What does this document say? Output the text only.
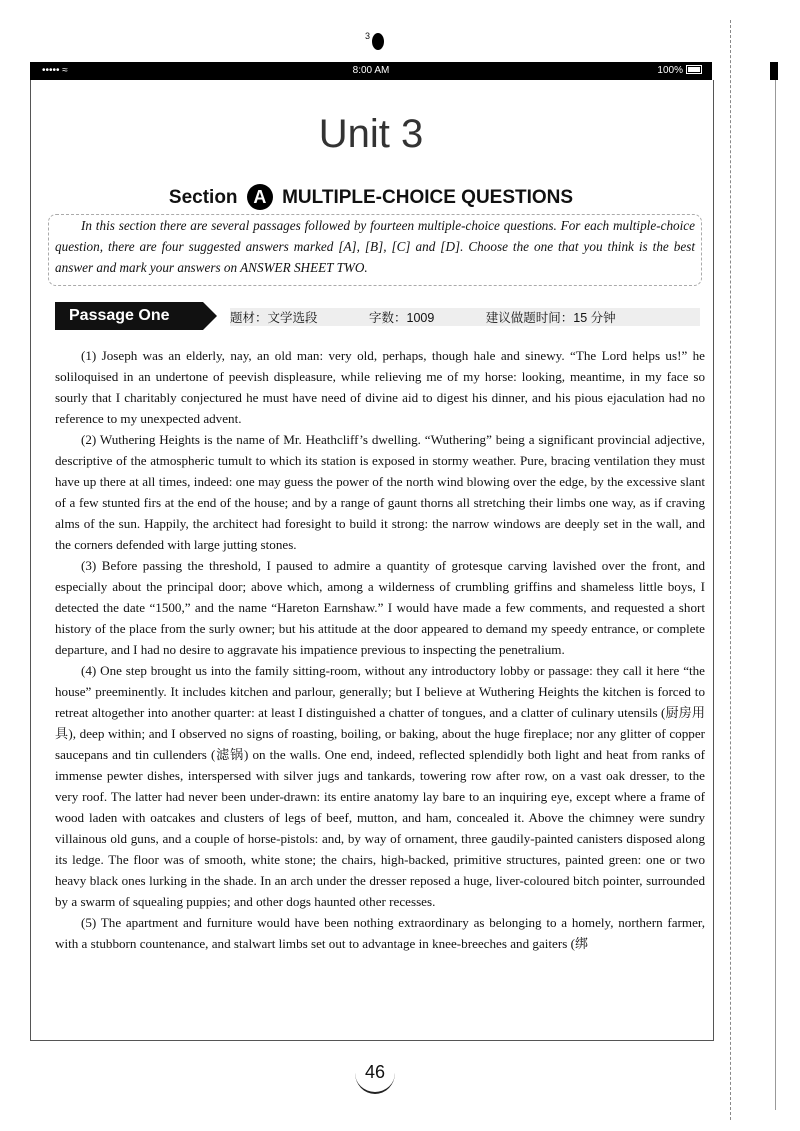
3
••••• ≈	8:00 AM	100%
Unit 3
Section A MULTIPLE-CHOICE QUESTIONS
In this section there are several passages followed by fourteen multiple-choice questions. For each multiple-choice question, there are four suggested answers marked [A], [B], [C] and [D]. Choose the one that you think is the best answer and mark your answers on ANSWER SHEET TWO.
Passage One	题材：文学选段	字数：1009	建议做题时间：15 分钟

(1) Joseph was an elderly, nay, an old man: very old, perhaps, though hale and sinewy. “The Lord helps us!” he soliloquised in an undertone of peevish displeasure, while relieving me of my horse: looking, meantime, in my face so sourly that I charitably conjectured he must have need of divine aid to digest his dinner, and his pious ejaculation had no reference to my unexpected advent.

(2) Wuthering Heights is the name of Mr. Heathcliff’s dwelling. “Wuthering” being a significant provincial adjective, descriptive of the atmospheric tumult to which its station is exposed in stormy weather. Pure, bracing ventilation they must have up there at all times, indeed: one may guess the power of the north wind blowing over the edge, by the excessive slant of a few stunted firs at the end of the house; and by a range of gaunt thorns all stretching their limbs one way, as if craving alms of the sun. Happily, the architect had foresight to build it strong: the narrow windows are deeply set in the wall, and the corners defended with large jutting stones.

(3) Before passing the threshold, I paused to admire a quantity of grotesque carving lavished over the front, and especially about the principal door; above which, among a wilderness of crumbling griffins and shameless little boys, I detected the date “1500,” and the name “Hareton Earnshaw.” I would have made a few comments, and requested a short history of the place from the surly owner; but his attitude at the door appeared to demand my speedy entrance, or complete departure, and I had no desire to aggravate his impatience previous to inspecting the penetralium.

(4) One step brought us into the family sitting-room, without any introductory lobby or passage: they call it here “the house” preeminently. It includes kitchen and parlour, generally; but I believe at Wuthering Heights the kitchen is forced to retreat altogether into another quarter: at least I distinguished a chatter of tongues, and a clatter of culinary utensils (厨房用具), deep within; and I observed no signs of roasting, boiling, or baking, about the huge fireplace; nor any glitter of copper saucepans and tin cullenders (滤锅) on the walls. One end, indeed, reflected splendidly both light and heat from ranks of immense pewter dishes, interspersed with silver jugs and tankards, towering row after row, on a vast oak dresser, to the very roof. The latter had never been under-drawn: its entire anatomy lay bare to an inquiring eye, except where a frame of wood laden with oatcakes and clusters of legs of beef, mutton, and ham, concealed it. Above the chimney were sundry villainous old guns, and a couple of horse-pistols: and, by way of ornament, three gaudily-painted canisters disposed along its ledge. The floor was of smooth, white stone; the chairs, high-backed, primitive structures, painted green: one or two heavy black ones lurking in the shade. In an arch under the dresser reposed a huge, liver-coloured bitch pointer, surrounded by a swarm of squealing puppies; and other dogs haunted other recesses.

(5) The apartment and furniture would have been nothing extraordinary as belonging to a homely, northern farmer, with a stubborn countenance, and stalwart limbs set out to advantage in knee-breeches and gaiters (绑

46
